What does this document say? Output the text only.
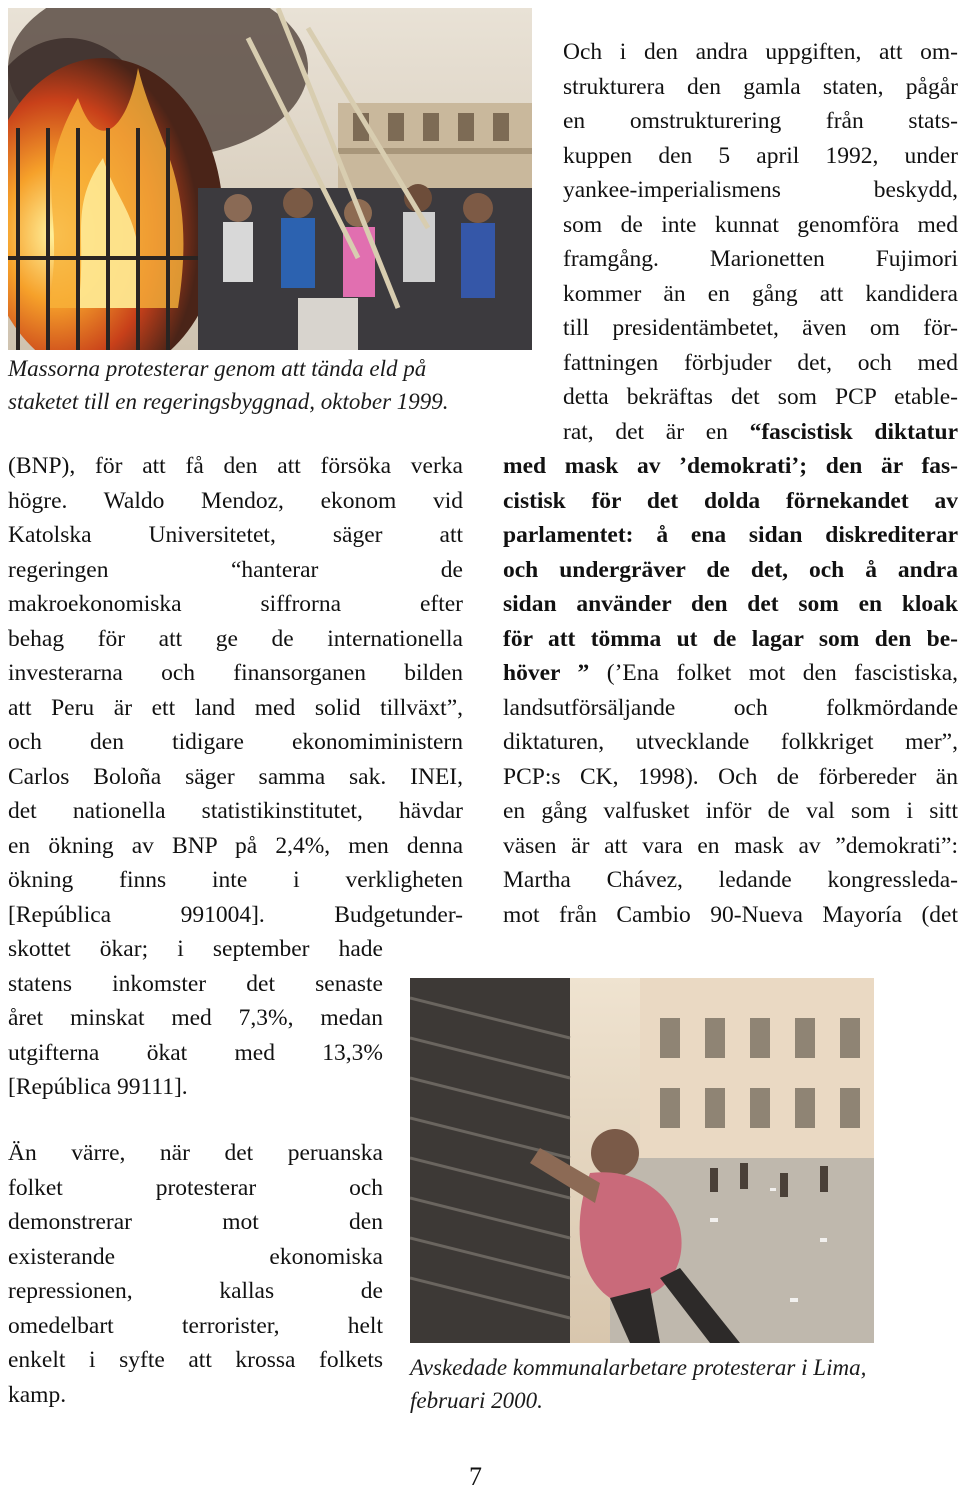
Massorna protesterar genom att tända eld på
staketet till en regeringsbyggnad, oktober 1999.

Och i den andra uppgiften, att om-

strukturera den gamla staten, pågår

en omstrukturering från stats-

kuppen den 5 april 1992, under

yankee-imperialismens beskydd,

som de inte kunnat genomföra med

framgång. Marionetten Fujimori

kommer än en gång att kandidera

till presidentämbetet, även om för-

fattningen förbjuder det, och med

detta bekräftas det som PCP etable-

rat, det är en “fascistisk diktatur

med mask av ’demokrati’; den är fas-

cistisk för det dolda förnekandet av

parlamentet: å ena sidan diskrediterar

och undergräver de det, och å andra

sidan använder den det som en kloak

för att tömma ut de lagar som den be-

höver ” (’Ena folket mot den fascistiska,

landsutförsäljande och folkmördande

diktaturen, utvecklande folkkriget mer”,

PCP:s CK, 1998). Och de förbereder än

en gång valfusket inför de val som i sitt

väsen är att vara en mask av ”demokrati”:

Martha Chávez, ledande kongressleda-

mot från Cambio 90-Nueva Mayoría (det

(BNP), för att få den att försöka verka

högre. Waldo Mendoz, ekonom vid

Katolska Universitetet, säger att

regeringen “hanterar de

makroekonomiska siffrorna efter

behag för att ge de internationella

investerarna och finansorganen bilden

att Peru är ett land med solid tillväxt”,

och den tidigare ekonomiministern

Carlos Boloña säger samma sak. INEI,

det nationella statistikinstitutet, hävdar

en ökning av BNP på 2,4%, men denna

ökning finns inte i verkligheten

[República 991004]. Budgetunder-

skottet ökar; i september hade

statens inkomster det senaste

året minskat med 7,3%, medan

utgifterna ökat med 13,3%

[República 99111].

Än värre, när det peruanska

folket protesterar och

demonstrerar mot den

existerande ekonomiska

repressionen, kallas de

omedelbart terrorister, helt

enkelt i syfte att krossa folkets

kamp.

Avskedade kommunalarbetare protesterar i Lima,
februari 2000.
7
